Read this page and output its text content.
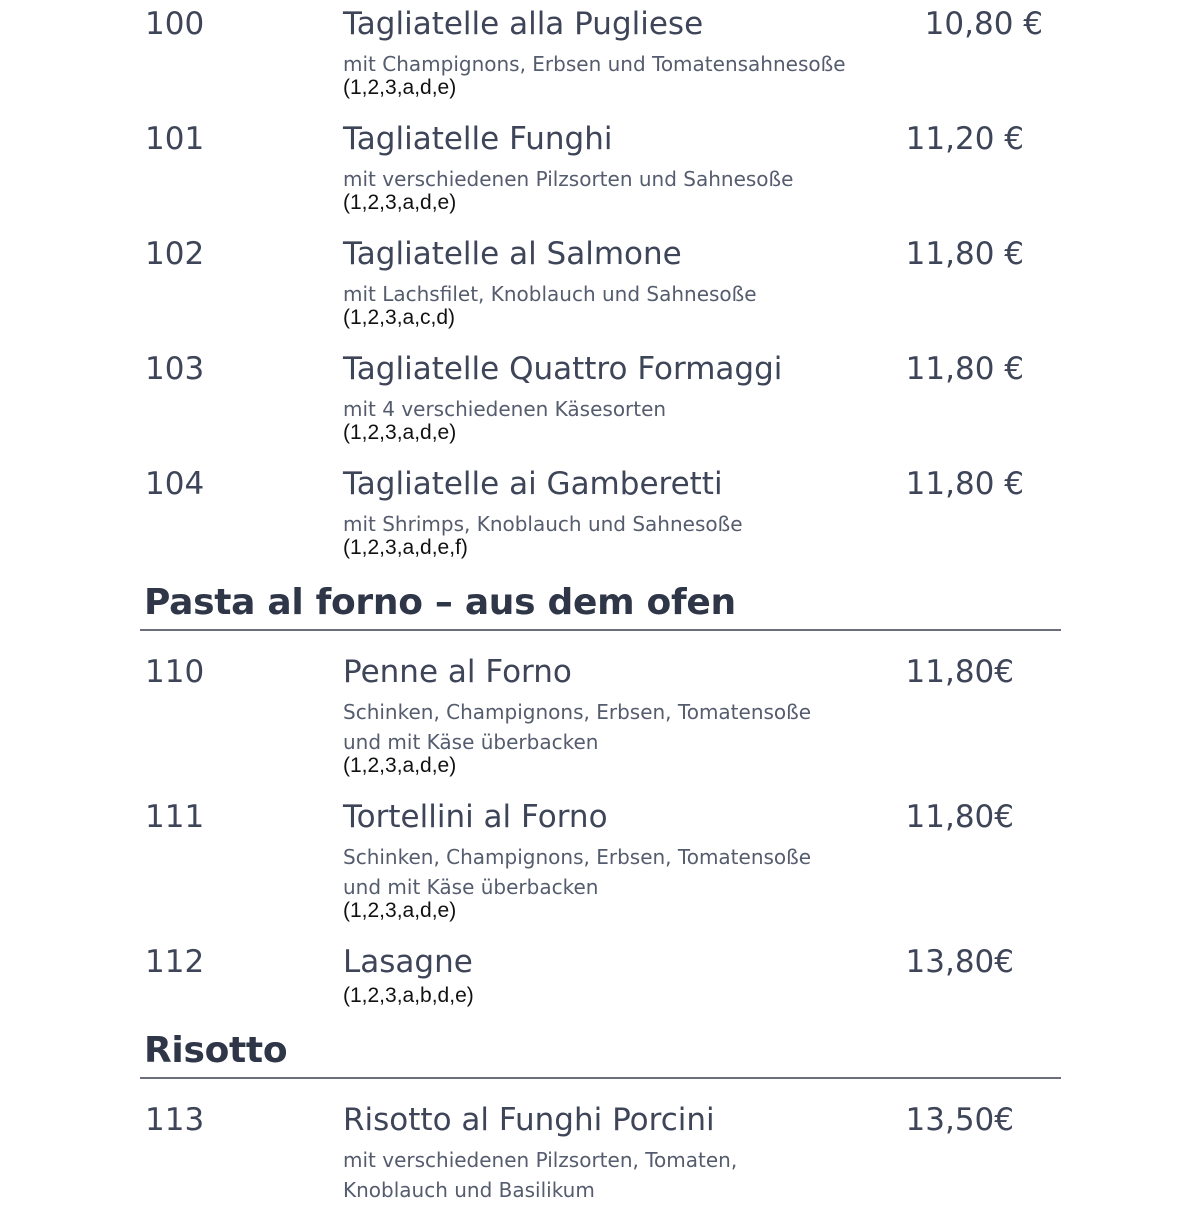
100	Tagliatelle alla Pugliese	10,80 €
mit Champignons, Erbsen und Tomatensahnesoße
(1,2,3,a,d,e)
101	Tagliatelle Funghi	11,20 €
mit verschiedenen Pilzsorten und Sahnesoße
(1,2,3,a,d,e)
102	Tagliatelle al Salmone	11,80 €
mit Lachsfilet, Knoblauch und Sahnesoße
(1,2,3,a,c,d)
103	Tagliatelle Quattro Formaggi	11,80 €
mit 4 verschiedenen Käsesorten
(1,2,3,a,d,e)
104	Tagliatelle ai Gamberetti	11,80 €
mit Shrimps, Knoblauch und Sahnesoße
(1,2,3,a,d,e,f)
Pasta al forno – aus dem ofen
110	Penne al Forno	11,80€
Schinken, Champignons, Erbsen, Tomatensoße
und mit Käse überbacken
(1,2,3,a,d,e)
111	Tortellini al Forno	11,80€
Schinken, Champignons, Erbsen, Tomatensoße
und mit Käse überbacken
(1,2,3,a,d,e)
112	Lasagne	13,80€
(1,2,3,a,b,d,e)
Risotto
113	Risotto al Funghi Porcini	13,50€
mit verschiedenen Pilzsorten, Tomaten,
Knoblauch und Basilikum
